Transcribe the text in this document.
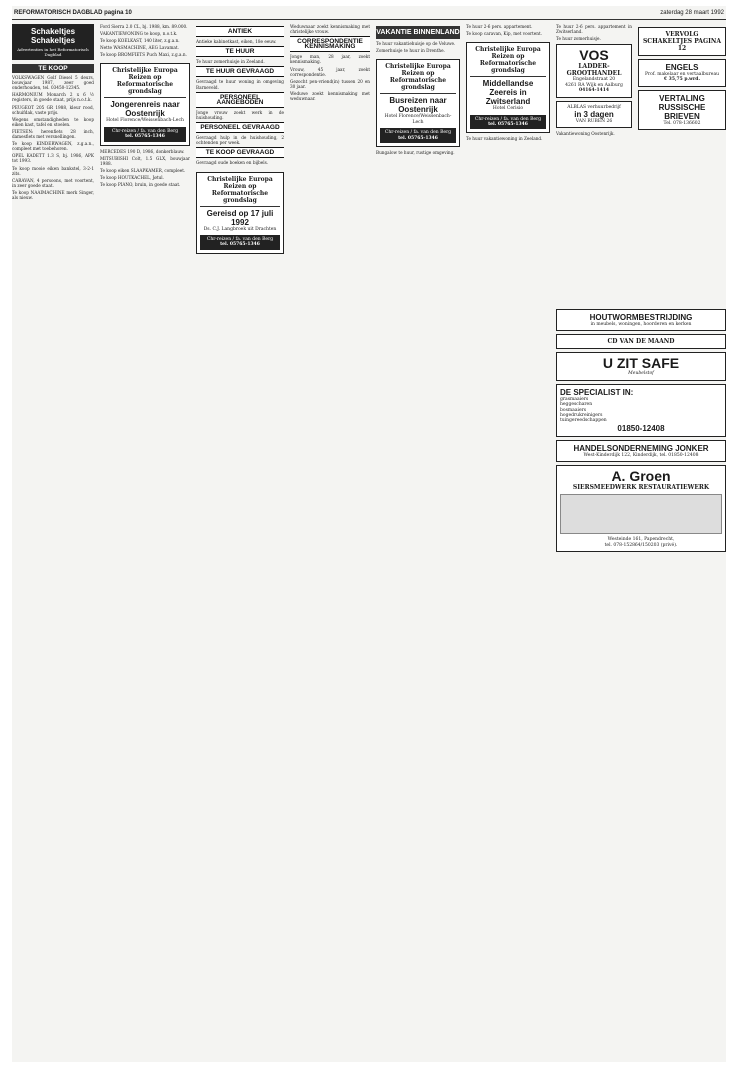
REFORMATORISCH DAGBLAD pagina 10	zaterdag 28 maart 1992
Schakeltjes Schakeltjes
Advertenties in het Reformatorisch Dagblad
TE KOOP

VOLKSWAGEN Golf Diesel 5 deurs, bouwjaar 1987, zeer goed onderhouden, tel. 03450-12345.

HARMONIUM Monarch 2 x 6 ½ registers, in goede staat, prijs n.o.t.k.

PEUGEOT 205 GR 1988, kleur rood, schuifdak, vaste prijs.

Wegens omstandigheden te koop eiken kast, tafel en stoelen.

FIETSEN: herenfiets 28 inch, damesfiets met versnellingen.

Te koop KINDERWAGEN, z.g.a.n., compleet met toebehoren.

OPEL KADETT 1.3 S, bj. 1986, APK tot 1993.

Te koop mooie eiken bankstel, 3-2-1 zits.

CARAVAN, 4 persoons, met voortent, in zeer goede staat.

Te koop NAAIMACHINE merk Singer, als nieuw.

Ford Sierra 2.0 CL, bj. 1988, km. 89.000.

VAKANTIEWONING te koop, n.o.t.k.

Te koop KOELKAST, 140 liter, z.g.a.n.

Nette WASMACHINE, AEG Lavamat.

Te koop BROMFIETS Puch Maxi, z.g.a.n.

Christelijke Europa Reizen op Reformatorische grondslag
Jongerenreis naar Oostenrijk
Hotel Florence/Weissenbach-Lech
Chr-reizen / fa. van den Berg
tel. 05765-1346

MERCEDES 190 D, 1986, donkerblauw.

MITSUBISHI Colt, 1.5 GLX, bouwjaar 1988.

Te koop eiken SLAAPKAMER, compleet.

Te koop HOUTKACHEL, Jøtul.

Te koop PIANO, bruin, in goede staat.

ANTIEK

Antieke kabinetkast, eiken, 18e eeuw.

TE HUUR

Te huur zomerhuisje in Zeeland.

TE HUUR GEVRAAGD

Gevraagd te huur woning in omgeving Barneveld.

PERSONEEL AANGEBODEN

Jonge vrouw zoekt werk in de huishouding.

PERSONEEL GEVRAAGD

Gevraagd hulp in de huishouding, 2 ochtenden per week.

TE KOOP GEVRAAGD

Gevraagd oude boeken en bijbels.

Christelijke Europa Reizen op Reformatorische grondslag
Gereisd op 17 juli 1992
Ds. C.J. Langbroek uit Drachten
Chr-reizen / fa. van den Berg
tel. 05765-1346

Weduwnaar zoekt kennismaking met christelijke vrouw.

CORRESPONDENTIE KENNISMAKING

Jonge man, 28 jaar, zoekt kennismaking.

Vrouw, 45 jaar, zoekt correspondentie.

Gezocht pen-vriend(in) tussen 20 en 30 jaar.

Weduwe zoekt kennismaking met weduwnaar.

VAKANTIE BINNENLAND

Te huur vakantiehuisje op de Veluwe.

Zomerhuisje te huur in Drenthe.

Christelijke Europa Reizen op Reformatorische grondslag
Busreizen naar Oostenrijk
Hotel Florence/Weissenbach-Lech
Chr-reizen / fa. van den Berg
tel. 05765-1346

Bungalow te huur, rustige omgeving.

Te huur 2-6 pers. appartement.

Te koop caravan, Kip, met voortent.

Christelijke Europa Reizen op Reformatorische grondslag
Middellandse Zeereis in Zwitserland
Hotel Cerisio
Chr-reizen / fa. van den Berg
tel. 05765-1346

Te huur vakantiewoning in Zeeland.

Te huur 2-6 pers. appartement in Zwitserland.

Te huur zomerhuisje.

VOS
LADDER-GROOTHANDEL
Engelandstraat 20
4261 RA Wijk en Aalburg
04164-1414
ALBLAS verhuurbedrijf
in 3 dagen
VAN RUBEN 26

Vakantiewoning Oostenrijk.

VERVOLG SCHAKELTJES PAGINA 12
ENGELS
Prof. makelaar en vertaalbureau
€ 35,75 p.wrd.
VERTALING RUSSISCHE BRIEVEN
Tel. 078-136602
HOUTWORMBESTRIJDING
in meubels, woningen, hoorderen en kerken
CD VAN DE MAAND
U ZIT SAFE
Meubelstof
DE SPECIALIST IN:
grasmaaiers
heggescharen
bosmaaiers
hogedrukreinigers
tuingereedschappen
01850-12408
HANDELSONDERNEMING JONKER
West-Kinderdijk 122, Kinderdijk, tel. 01850-12408
A. Groen
SIERSMEEDWERK RESTAURATIEWERK
Westeinde 161, Papendrecht,
tel. 078-152864/150203 (privé).
